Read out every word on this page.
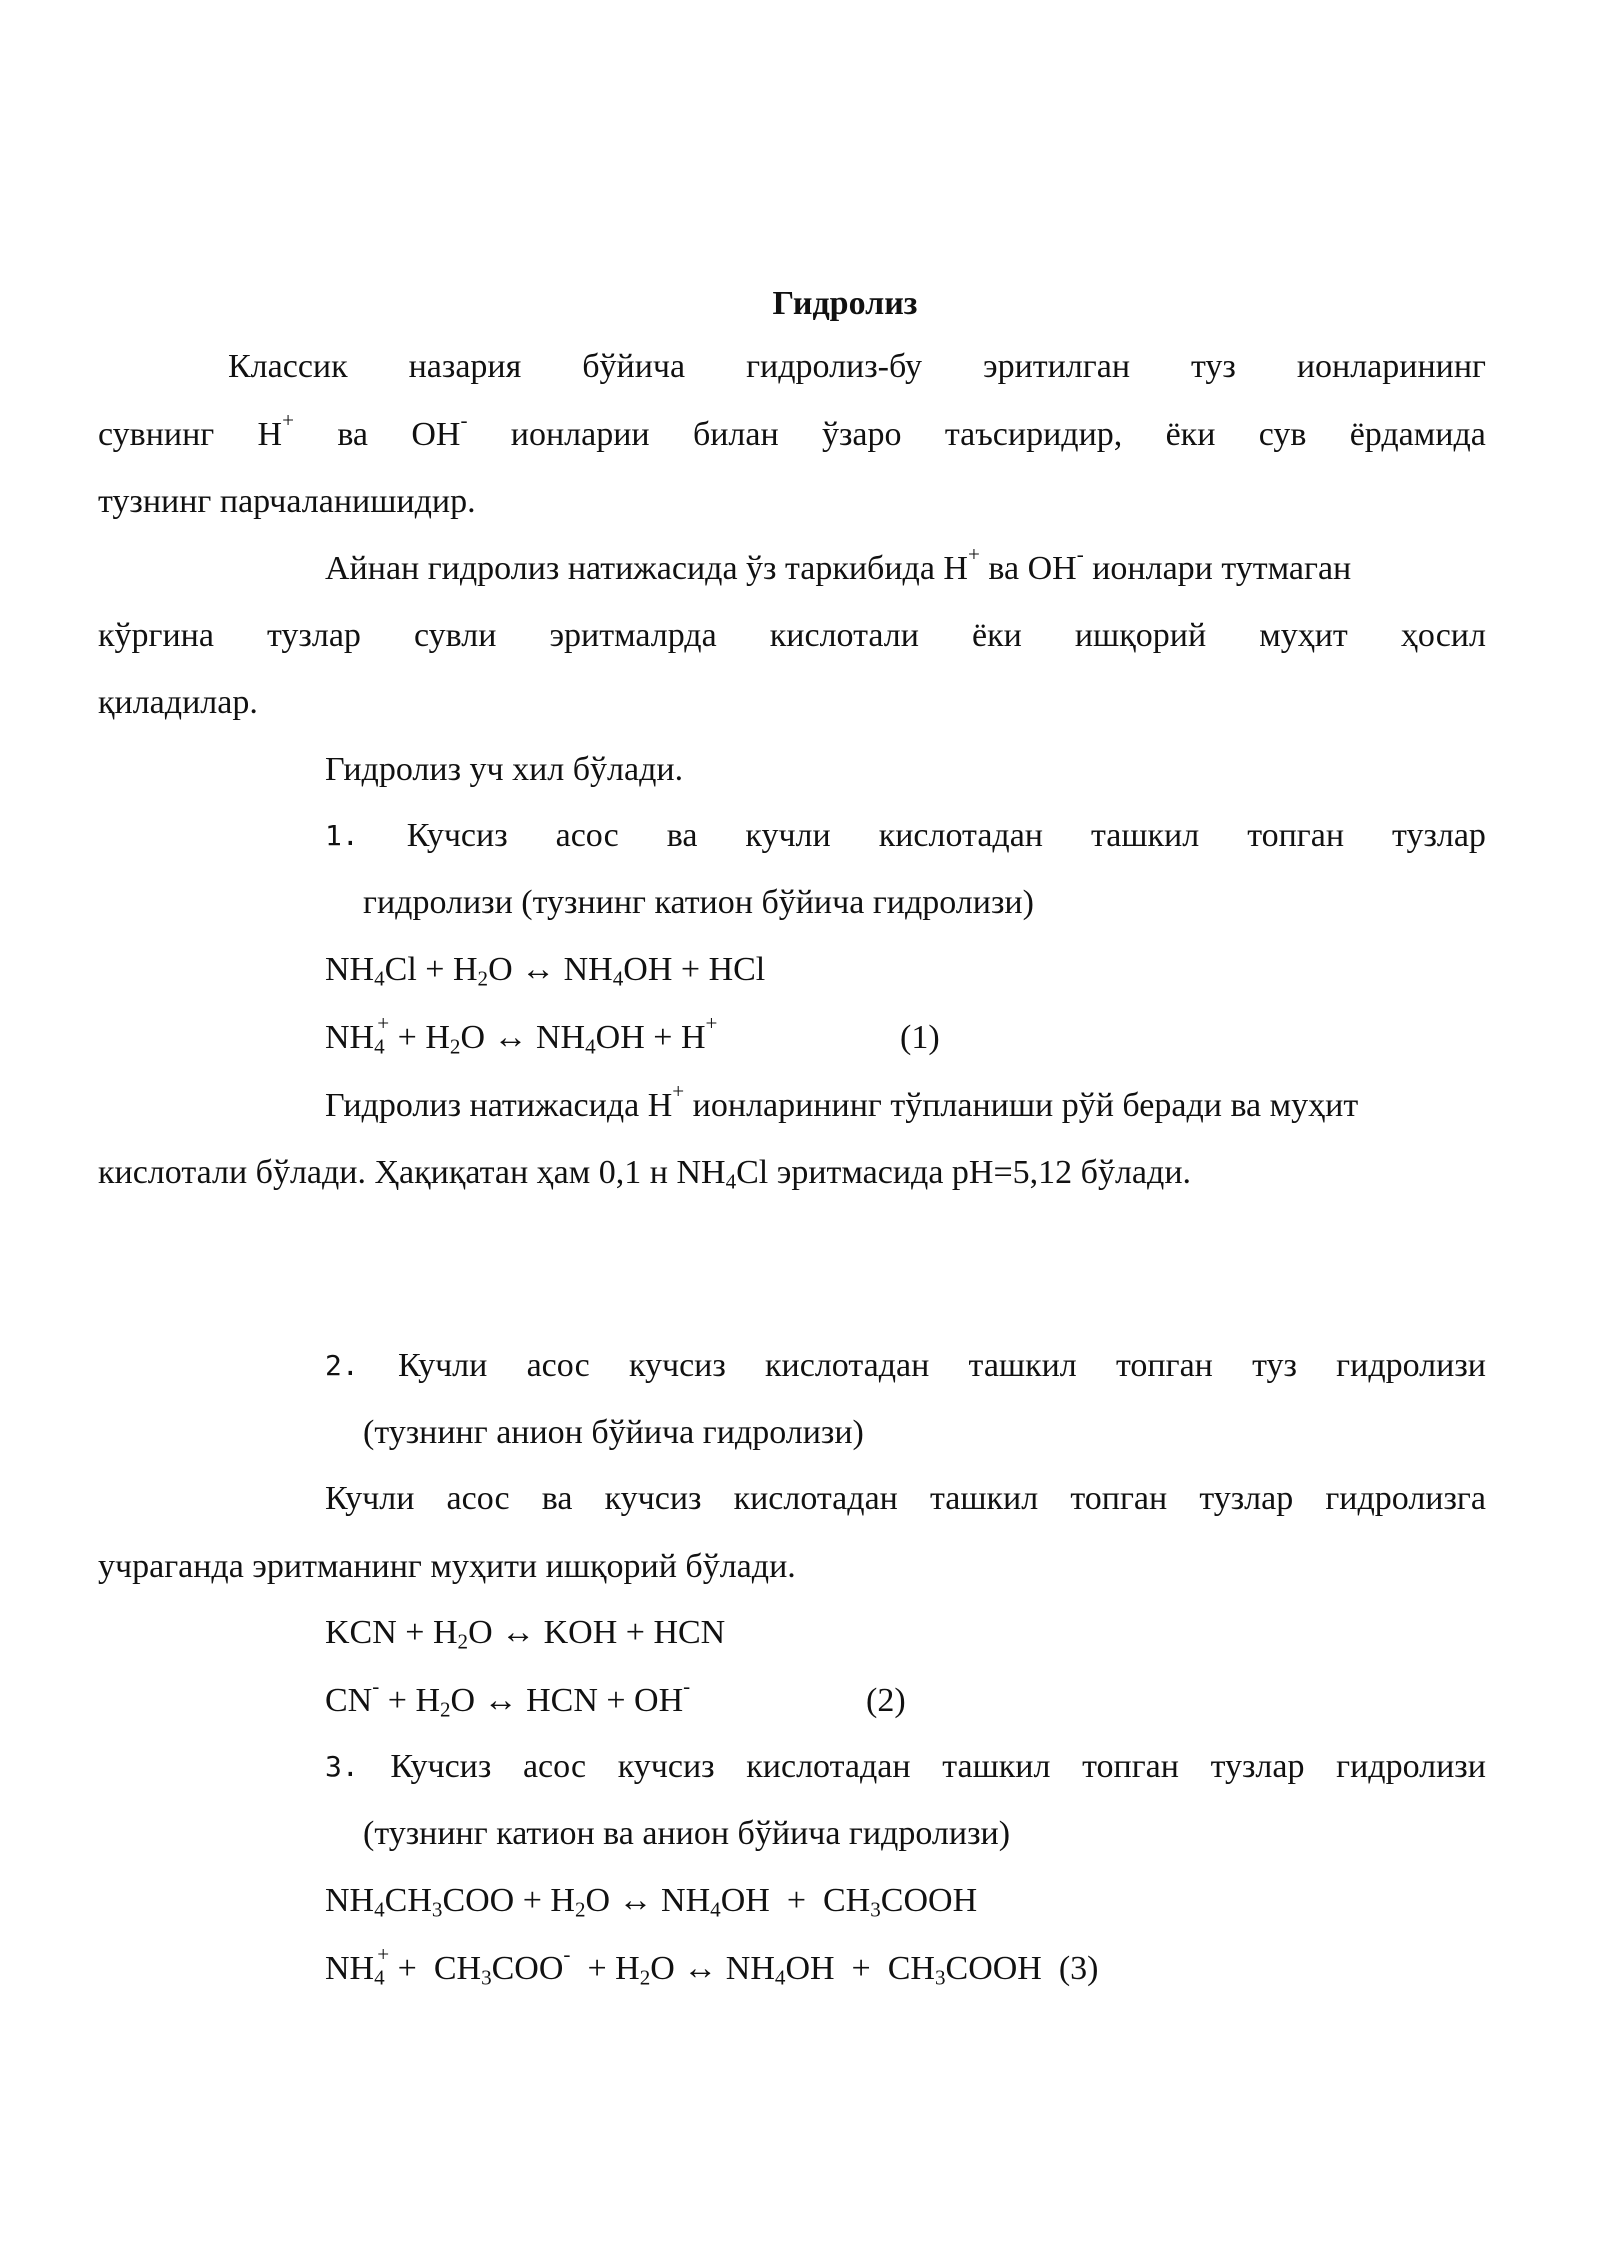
Гидролиз
Классик назария бўйича гидролиз-бу эритилган туз ионларининг
сувнинг H+ ва OH- ионларии билан ўзаро таъсиридир, ёки сув ёрдамида
тузнинг парчаланишидир.
Айнан гидролиз натижасида ўз таркибида H+ ва OH- ионлари тутмаган
кўргина тузлар сувли эритмалрда кислотали ёки ишқорий муҳит ҳосил
қиладилар.
Гидролиз уч хил бўлади.
1. Кучсиз асос ва кучли кислотадан ташкил топган тузлар
гидролизи (тузнинг катион бўйича гидролизи)
$NH_4Cl + H_2O$ ↔ $NH_4OH$ + HCl
$NH_4^+ + H_2O$ ↔ $NH_4OH + H^+$	(1)
Гидролиз натижасида H+ ионларининг тўпланиши рўй беради ва муҳит
кислотали бўлади. Ҳақиқатан ҳам 0,1 н $NH_4Cl$ эритмасида pH=5,12 бўлади.
2. Кучли асос кучсиз кислотадан ташкил топган туз гидролизи
(тузнинг анион бўйича гидролизи)
Кучли асос ва кучсиз кислотадан ташкил топган тузлар гидролизга
учраганда эритманинг муҳити ишқорий бўлади.
KCN + $H_2O$ ↔ KOH + HCN
$CN^- + H_2O$ ↔ HCN + OH-	(2)
3. Кучсиз асос кучсиз кислотадан ташкил топган тузлар гидролизи
(тузнинг катион ва анион бўйича гидролизи)
$NH_4CH_3COO + H_2O$ ↔ $NH_4OH$  +  $CH_3COOH$
$NH_4^+ + CH_3COO^- + H_2O$ ↔ $NH_4OH$  +  $CH_3COOH$  (3)
